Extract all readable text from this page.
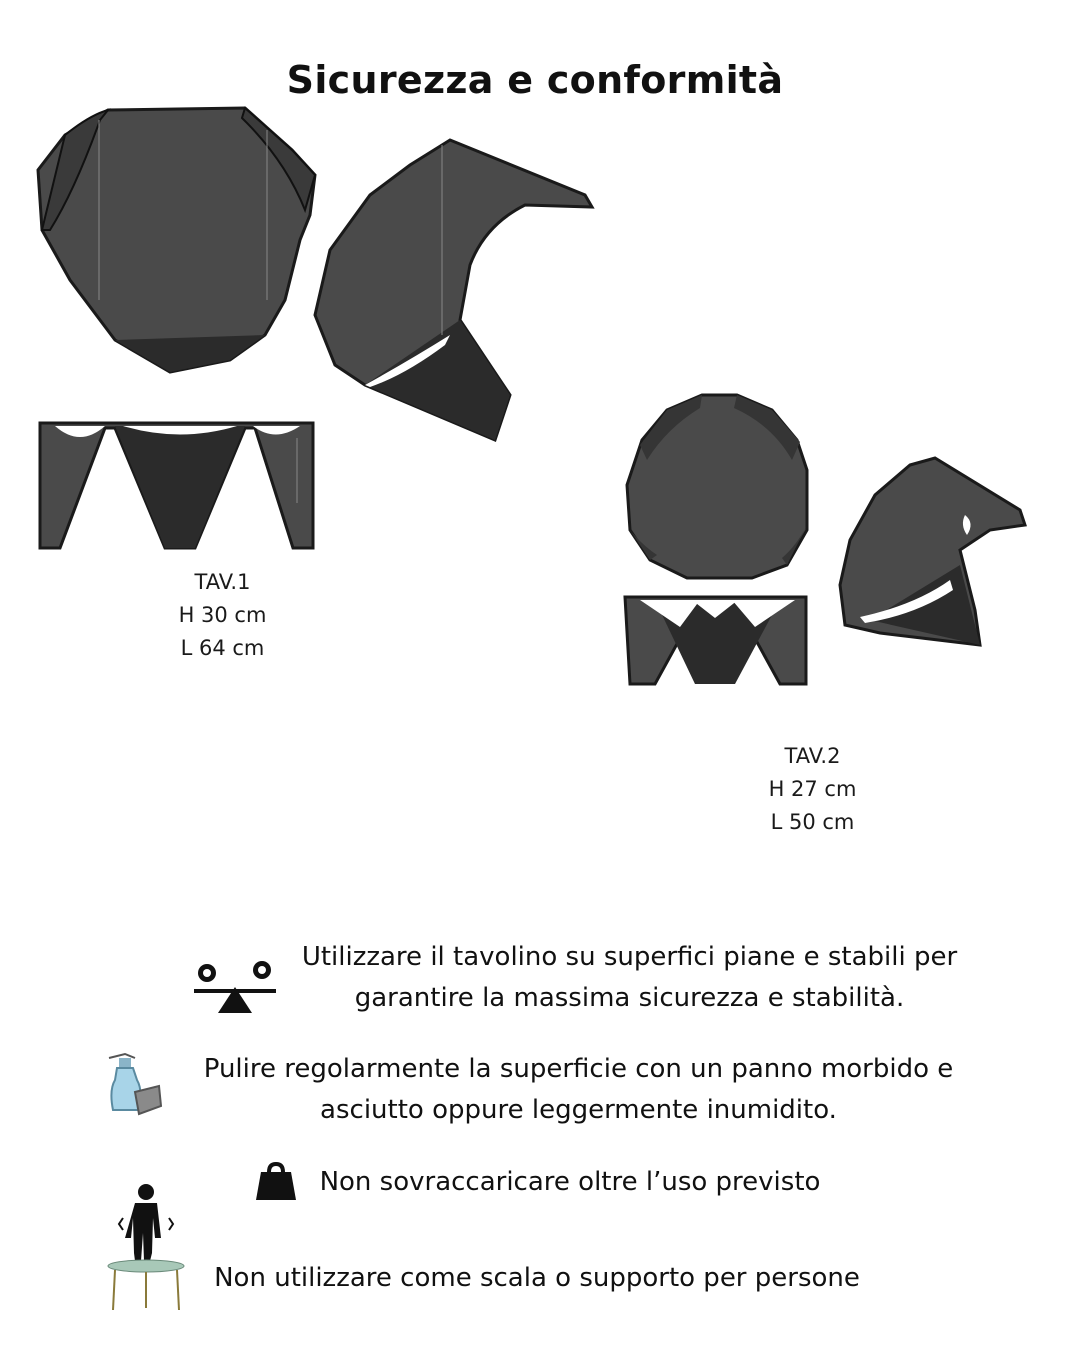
Sicurezza e conformità
TAV.1
H 30 cm
L 64 cm
TAV.2
H 27 cm
L 50 cm
Utilizzare il tavolino su superfici piane e stabili per
garantire la massima sicurezza e stabilità.
Pulire regolarmente la superficie con un panno morbido e
asciutto oppure leggermente inumidito.
Non sovraccaricare oltre l’uso previsto
Non utilizzare come scala o supporto per persone
